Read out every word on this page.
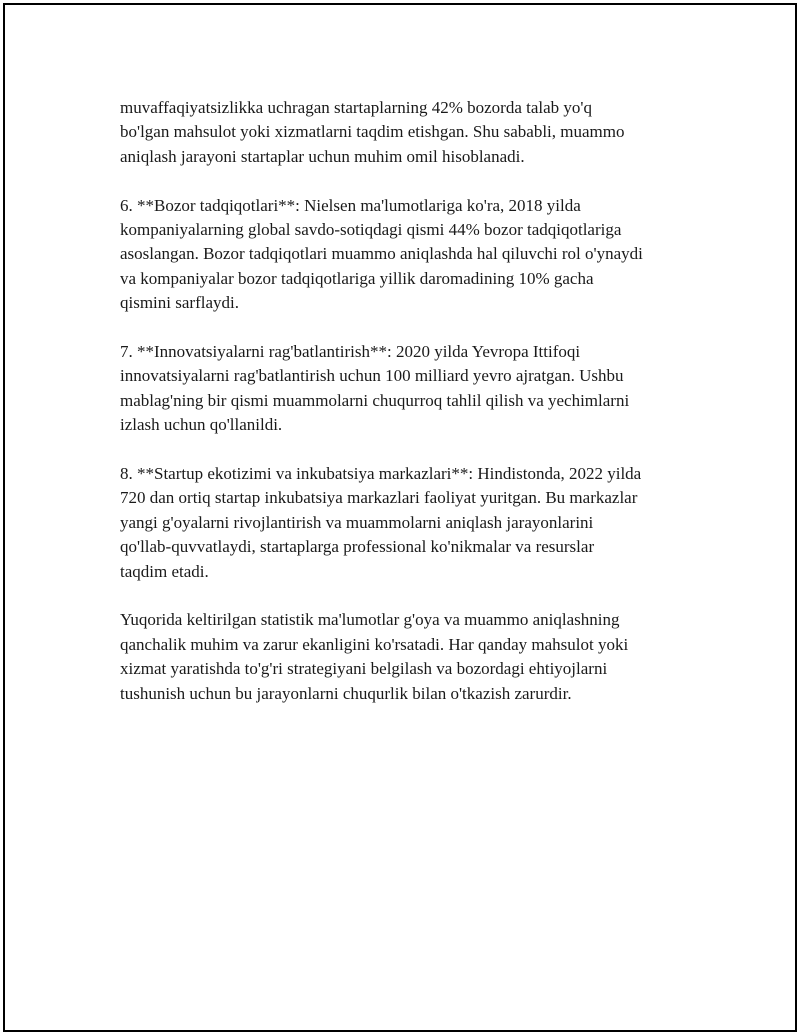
muvaffaqiyatsizlikka uchragan startaplarning 42% bozorda talab yo'q
bo'lgan mahsulot yoki xizmatlarni taqdim etishgan. Shu sababli, muammo
aniqlash jarayoni startaplar uchun muhim omil hisoblanadi.

6. **Bozor tadqiqotlari**: Nielsen ma'lumotlariga ko'ra, 2018 yilda
kompaniyalarning global savdo-sotiqdagi qismi 44% bozor tadqiqotlariga
asoslangan. Bozor tadqiqotlari muammo aniqlashda hal qiluvchi rol o'ynaydi
va kompaniyalar bozor tadqiqotlariga yillik daromadining 10% gacha
qismini sarflaydi.

7. **Innovatsiyalarni rag'batlantirish**: 2020 yilda Yevropa Ittifoqi
innovatsiyalarni rag'batlantirish uchun 100 milliard yevro ajratgan. Ushbu
mablag'ning bir qismi muammolarni chuqurroq tahlil qilish va yechimlarni
izlash uchun qo'llanildi.

8. **Startup ekotizimi va inkubatsiya markazlari**: Hindistonda, 2022 yilda
720 dan ortiq startap inkubatsiya markazlari faoliyat yuritgan. Bu markazlar
yangi g'oyalarni rivojlantirish va muammolarni aniqlash jarayonlarini
qo'llab-quvvatlaydi, startaplarga professional ko'nikmalar va resurslar
taqdim etadi.

Yuqorida keltirilgan statistik ma'lumotlar g'oya va muammo aniqlashning
qanchalik muhim va zarur ekanligini ko'rsatadi. Har qanday mahsulot yoki
xizmat yaratishda to'g'ri strategiyani belgilash va bozordagi ehtiyojlarni
tushunish uchun bu jarayonlarni chuqurlik bilan o'tkazish zarurdir.
